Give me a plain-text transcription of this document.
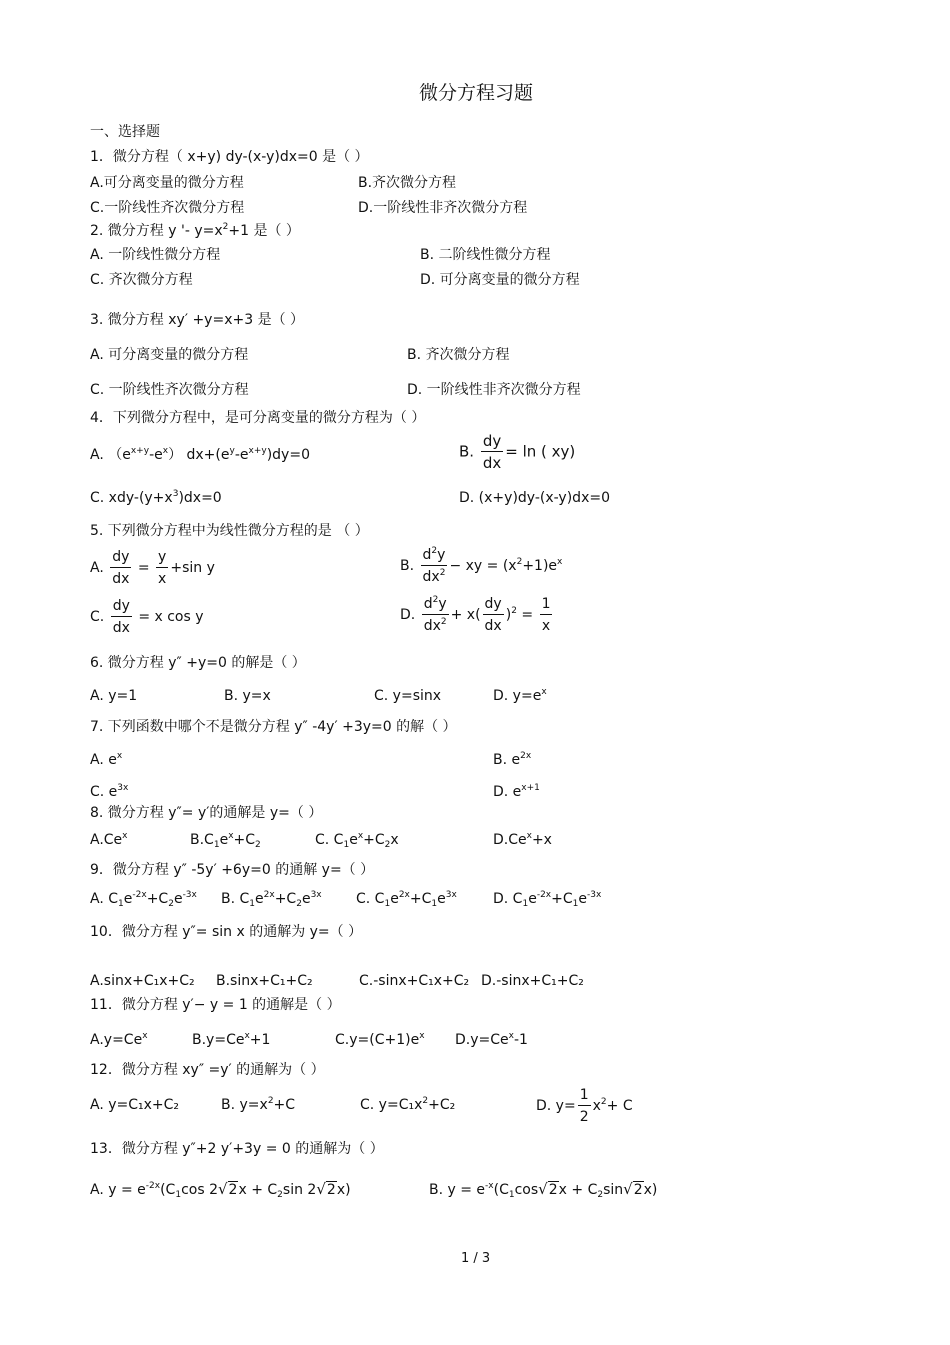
微分方程习题
一、选择题
1．微分方程（ x+y) dy-(x-y)dx=0 是（ ）
A.可分离变量的微分方程	B.齐次微分方程
C.一阶线性齐次微分方程	D.一阶线性非齐次微分方程
2. 微分方程 y '- $y=x^2+1$ 是（ ）
A. 一阶线性微分方程	B. 二阶线性微分方程
C. 齐次微分方程	D. 可分离变量的微分方程
3. 微分方程 xy′ +y=x+3 是（ ）
A. 可分离变量的微分方程	B. 齐次微分方程
C. 一阶线性齐次微分方程	D. 一阶线性非齐次微分方程
4．下列微分方程中，是可分离变量的微分方程为（ ）
A. $(e^{x+y}-e^x)$ $dx+(e^y-e^{x+y})dy=0$	B. $\frac{dy}{dx} = \ln$ ( xy)
C. xdy-$(y+x^3)dx=0$	D. (x+y)dy-(x-y)dx=0
5. 下列微分方程中为线性微分方程的是 （ ）
A. $\frac{dy}{dx} = \frac{y}{x} +\sin$ y	B. $\frac{d^2y}{dx^2}$ − xy = $(x^2+1)e^x$
C. $\frac{dy}{dx} = x$ cos y	D. $\frac{d^2y}{dx^2} + x( \frac{dy}{dx} )^2 = \frac{1}{x}$
6. 微分方程 y″ +y=0 的解是（ ）
A. y=1	B. y=x	C. y=sinx	D. $y=e^x$
7. 下列函数中哪个不是微分方程 y″ -4y′ +3y=0 的解（ ）
A. $e^x$	B. $e^{2x}$
C. $e^{3x}$	D. $e^{x+1}$
8. 微分方程 y″= y′的通解是 y=（ ）
A.Ce$^x$	$B.C_1e^x+C_2$	C. $C_1e^x+C_2x$	$D.Ce^x+x$
9．微分方程 y″ -5y′ +6y=0 的通解 y=（ ）
A. $C_1e^{-2x}+C_2e^{-3x}$ B. $C_1e^{2x}+C_2e^{3x}$ C. $C_1e^{2x}+C_1e^{3x}$	D. $C_1e^{-2x}+C_1e^{-3x}$
10．微分方程 y″= sin x 的通解为 y=（ ）
A.sinx+C₁x+C₂ B.sinx+C₁+C₂	C.-sinx+C₁x+C₂ D.-sinx+C₁+C₂
11．微分方程 y′− y = 1 的通解是（ ）
$A.y=Ce^x$	$B.y=Ce^x+1$	$C.y=(C+1)e^x$ $D.y=Ce^x-1$
12．微分方程 xy″ =y′ 的通解为（ ）
A. y=C₁x+C₂	B. $y=x^2+C$	C. $y=C_1x^2+C_2$	D. $y= \frac{1}{2} x^2+ C$
13．微分方程 y″+2 y′+3y = 0 的通解为（ ）
A. $y = e^{-2x}(C_1\cos$ $2√2x + C_2\sin$ 2√2x)	B. $y = e^{-x}(C_1\cos√2x + C_2\sin√2x)$
1 / 3
